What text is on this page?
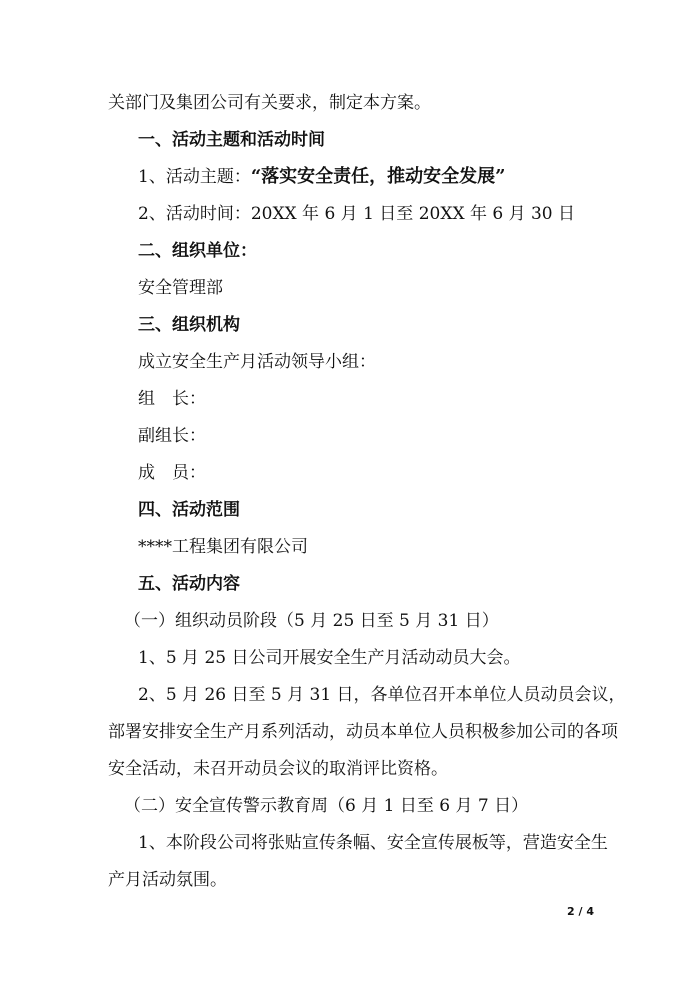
关部门及集团公司有关要求，制定本方案。
一、活动主题和活动时间
1、活动主题：“落实安全责任，推动安全发展”
2、活动时间：20XX 年 6 月 1 日至 20XX 年 6 月 30 日
二、组织单位：
安全管理部
三、组织机构
成立安全生产月活动领导小组：
组　长：
副组长：
成　员：
四、活动范围
****工程集团有限公司
五、活动内容
（一）组织动员阶段（5 月 25 日至 5 月 31 日）
1、5 月 25 日公司开展安全生产月活动动员大会。
2、5 月 26 日至 5 月 31 日，各单位召开本单位人员动员会议，
部署安排安全生产月系列活动，动员本单位人员积极参加公司的各项
安全活动，未召开动员会议的取消评比资格。
（二）安全宣传警示教育周（6 月 1 日至 6 月 7 日）
1、本阶段公司将张贴宣传条幅、安全宣传展板等，营造安全生
产月活动氛围。
2 / 4
